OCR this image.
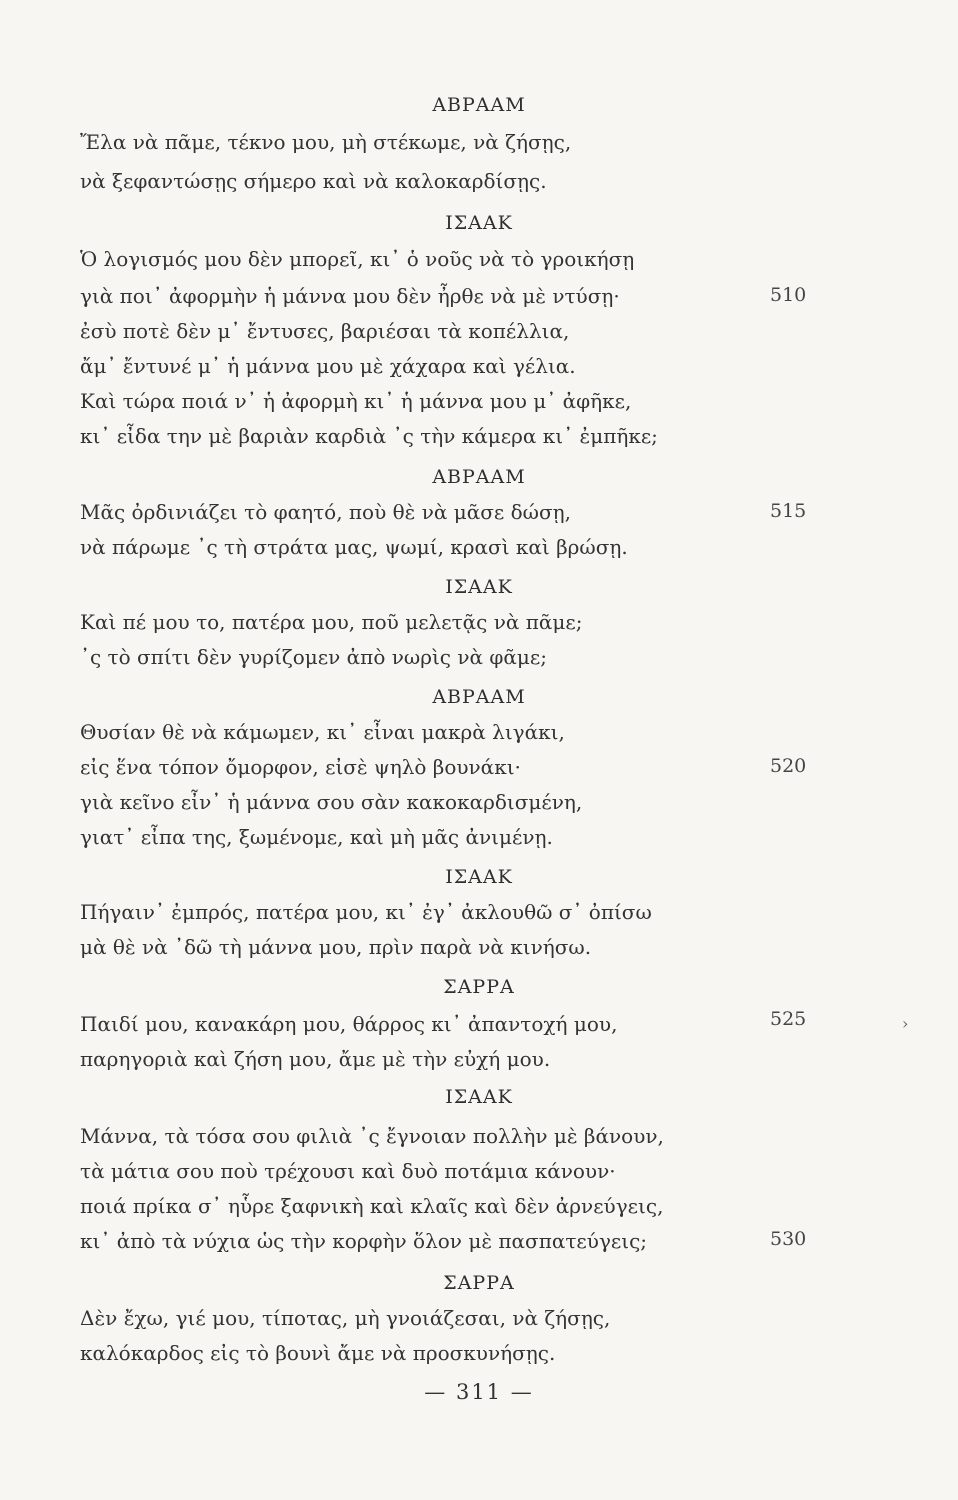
ΑΒΡΑΑΜ
Ἔλα νὰ πᾶμε, τέκνο μου, μὴ στέκωμε, νὰ ζήσῃς,
νὰ ξεφαντώσῃς σήμερο καὶ νὰ καλοκαρδίσῃς.
ΙΣΑΑΚ
Ὁ λογισμός μου δὲν μπορεῖ, κι᾽ ὁ νοῦς νὰ τὸ γροικήσῃ
γιὰ ποι᾽ ἀφορμὴν ἡ μάννα μου δὲν ἦρθε νὰ μὲ ντύσῃ·	510
ἐσὺ ποτὲ δὲν μ᾽ ἔντυσες, βαριέσαι τὰ κοπέλλια,
ἄμ᾽ ἔντυνέ μ᾽ ἡ μάννα μου μὲ χάχαρα καὶ γέλια.
Καὶ τώρα ποιά ν᾽ ἡ ἀφορμὴ κι᾽ ἡ μάννα μου μ᾽ ἀφῆκε,
κι᾽ εἶδα την μὲ βαριὰν καρδιὰ ᾽ς τὴν κάμερα κι᾽ ἐμπῆκε;
ΑΒΡΑΑΜ
Μᾶς ὀρδινιάζει τὸ φαητό, ποὺ θὲ νὰ μᾶσε δώσῃ,	515
νὰ πάρωμε ᾽ς τὴ στράτα μας, ψωμί, κρασὶ καὶ βρώσῃ.
ΙΣΑΑΚ
Καὶ πέ μου το, πατέρα μου, ποῦ μελετᾷς νὰ πᾶμε;
᾽ς τὸ σπίτι δὲν γυρίζομεν ἀπὸ νωρὶς νὰ φᾶμε;
ΑΒΡΑΑΜ
Θυσίαν θὲ νὰ κάμωμεν, κι᾽ εἶναι μακρὰ λιγάκι,
εἰς ἕνα τόπον ὄμορφον, εἰσὲ ψηλὸ βουνάκι·	520
γιὰ κεῖνο εἶν᾽ ἡ μάννα σου σὰν κακοκαρδισμένη,
γιατ᾽ εἶπα της, ξωμένομε, καὶ μὴ μᾶς ἀνιμένῃ.
ΙΣΑΑΚ
Πήγαιν᾽ ἐμπρός, πατέρα μου, κι᾽ ἐγ᾽ ἀκλουθῶ σ᾽ ὀπίσω
μὰ θὲ νὰ ᾽δῶ τὴ μάννα μου, πρὶν παρὰ νὰ κινήσω.
ΣΑΡΡΑ
Παιδί μου, κανακάρη μου, θάρρος κι᾽ ἀπαντοχή μου,	525	›
παρηγοριὰ καὶ ζήση μου, ἄμε μὲ τὴν εὐχή μου.
ΙΣΑΑΚ
Μάννα, τὰ τόσα σου φιλιὰ ᾽ς ἔγνοιαν πολλὴν μὲ βάνουν,
τὰ μάτια σου ποὺ τρέχουσι καὶ δυὸ ποτάμια κάνουν·
ποιά πρίκα σ᾽ ηὗρε ξαφνικὴ καὶ κλαῖς καὶ δὲν ἀρνεύγεις,
κι᾽ ἀπὸ τὰ νύχια ὡς τὴν κορφὴν ὅλον μὲ πασπατεύγεις;	530
ΣΑΡΡΑ
Δὲν ἔχω, γιέ μου, τίποτας, μὴ γνοιάζεσαι, νὰ ζήσῃς,
καλόκαρδος εἰς τὸ βουνὶ ἄμε νὰ προσκυνήσῃς.
— 311 —
